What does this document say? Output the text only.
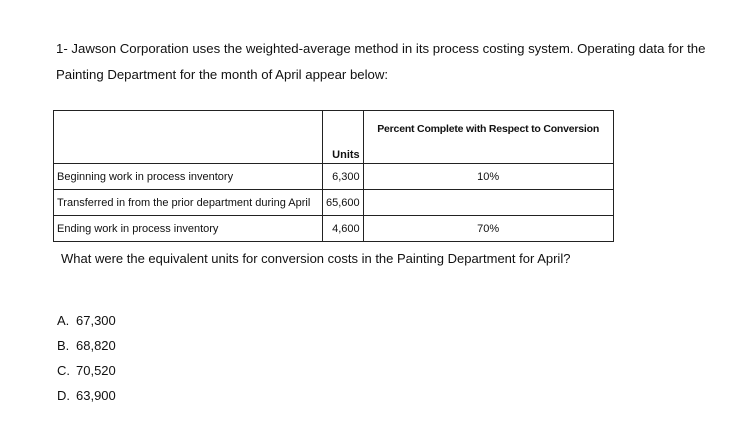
1- Jawson Corporation uses the weighted-average method in its process costing system. Operating data for the Painting Department for the month of April appear below:

	Units	Percent Complete with Respect to Conversion
Beginning work in process inventory	6,300	10%
Transferred in from the prior department during April	65,600	
Ending work in process inventory	4,600	70%

What were the equivalent units for conversion costs in the Painting Department for April?

A. 67,300
B. 68,820
C. 70,520
D. 63,900
